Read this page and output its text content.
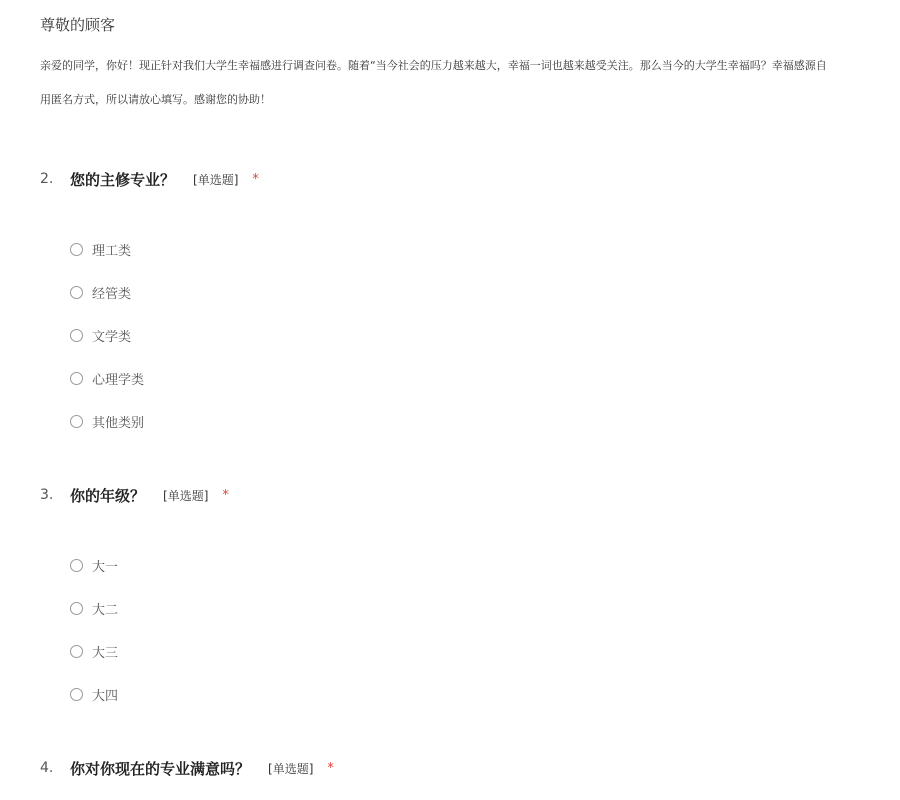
尊敬的顾客
亲爱的同学，你好！现正针对我们大学生幸福感进行调查问卷。随着“当今社会的压力越来越大，幸福一词也越来越受关注。那么当今的大学生幸福吗？幸福感源自
用匿名方式，所以请放心填写。感谢您的协助！
2.	您的主修专业？ [单选题] *
理工类
经管类
文学类
心理学类
其他类别
3.	你的年级？ [单选题] *
大一
大二
大三
大四
4.	你对你现在的专业满意吗？ [单选题] *
